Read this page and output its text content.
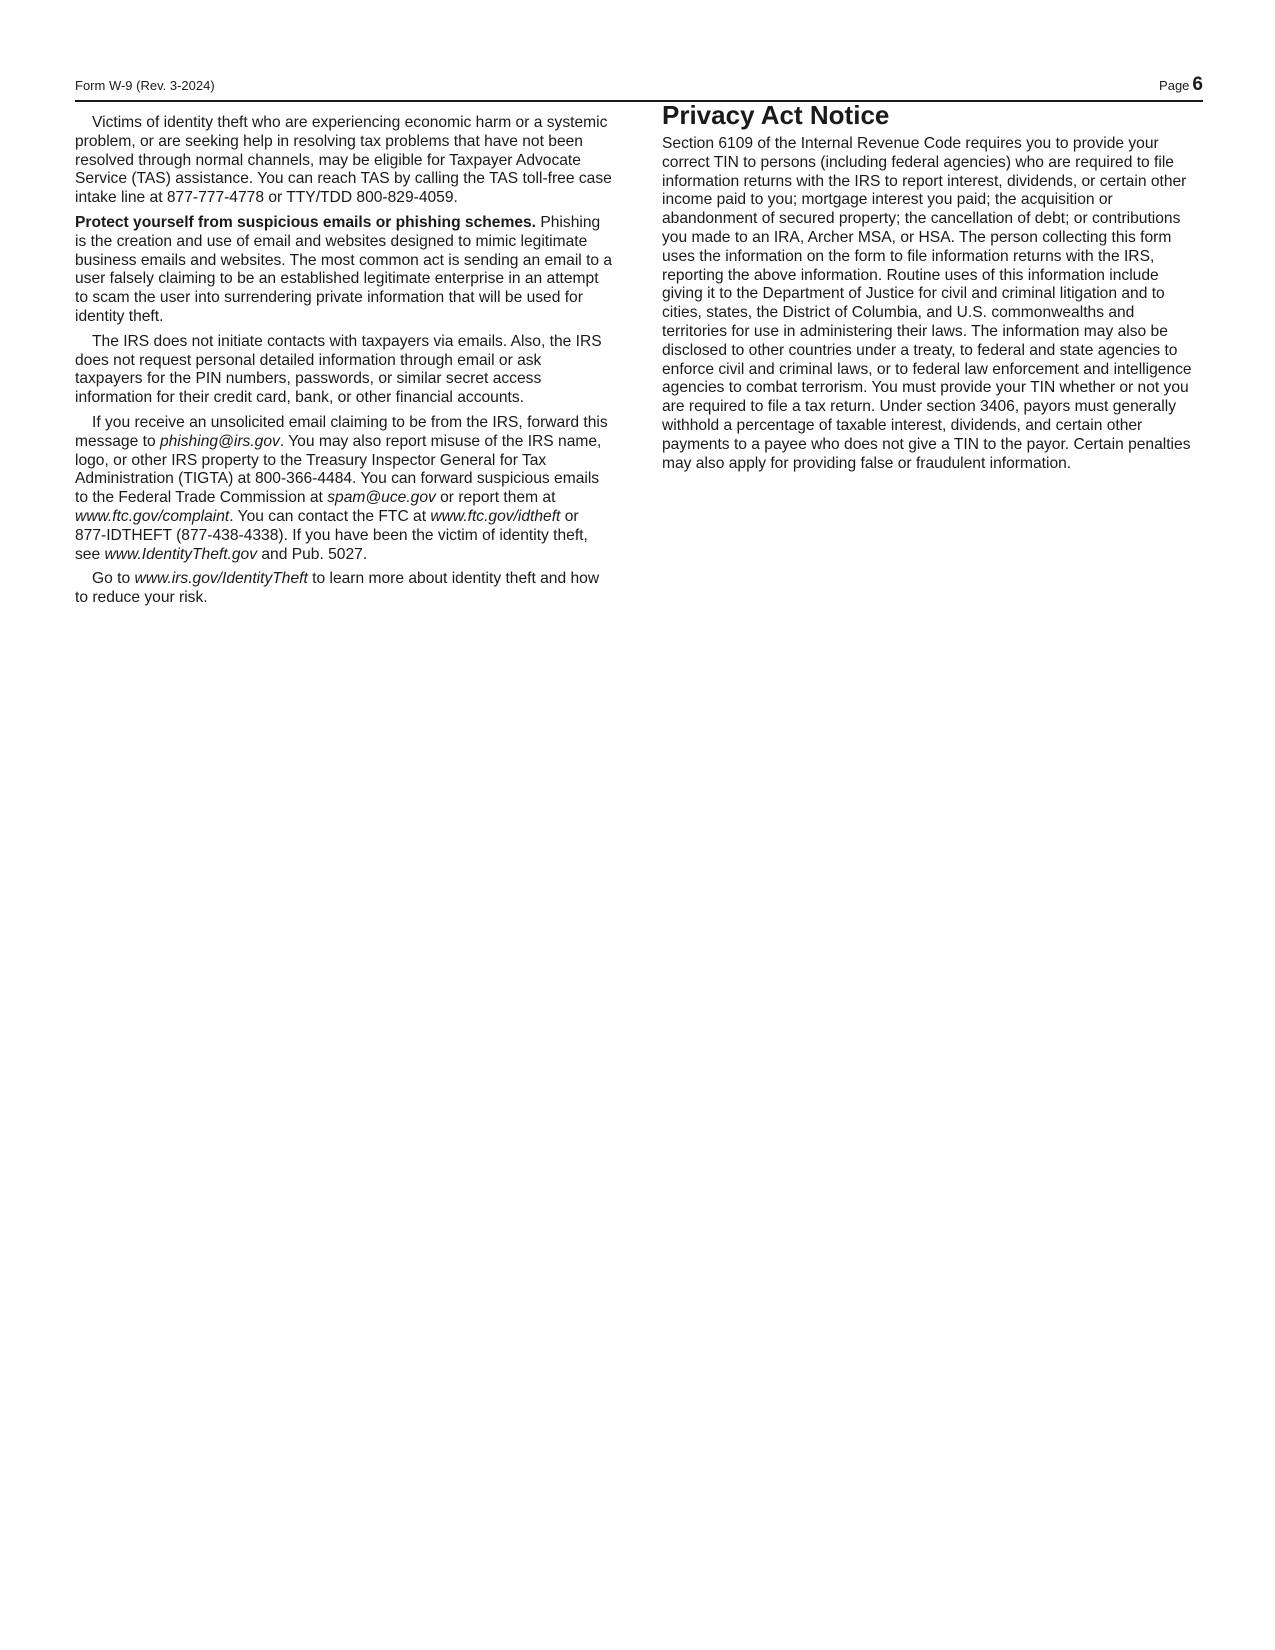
Form W-9 (Rev. 3-2024)	Page 6

Victims of identity theft who are experiencing economic harm or a systemic problem, or are seeking help in resolving tax problems that have not been resolved through normal channels, may be eligible for Taxpayer Advocate Service (TAS) assistance. You can reach TAS by calling the TAS toll-free case intake line at 877-777-4778 or TTY/TDD 800-829-4059.

Protect yourself from suspicious emails or phishing schemes. Phishing is the creation and use of email and websites designed to mimic legitimate business emails and websites. The most common act is sending an email to a user falsely claiming to be an established legitimate enterprise in an attempt to scam the user into surrendering private information that will be used for identity theft.

The IRS does not initiate contacts with taxpayers via emails. Also, the IRS does not request personal detailed information through email or ask taxpayers for the PIN numbers, passwords, or similar secret access information for their credit card, bank, or other financial accounts.

If you receive an unsolicited email claiming to be from the IRS, forward this message to phishing@irs.gov. You may also report misuse of the IRS name, logo, or other IRS property to the Treasury Inspector General for Tax Administration (TIGTA) at 800-366-4484. You can forward suspicious emails to the Federal Trade Commission at spam@uce.gov or report them at www.ftc.gov/complaint. You can contact the FTC at www.ftc.gov/idtheft or 877-IDTHEFT (877-438-4338). If you have been the victim of identity theft, see www.IdentityTheft.gov and Pub. 5027.

Go to www.irs.gov/IdentityTheft to learn more about identity theft and how to reduce your risk.

Privacy Act Notice

Section 6109 of the Internal Revenue Code requires you to provide your correct TIN to persons (including federal agencies) who are required to file information returns with the IRS to report interest, dividends, or certain other income paid to you; mortgage interest you paid; the acquisition or abandonment of secured property; the cancellation of debt; or contributions you made to an IRA, Archer MSA, or HSA. The person collecting this form uses the information on the form to file information returns with the IRS, reporting the above information. Routine uses of this information include giving it to the Department of Justice for civil and criminal litigation and to cities, states, the District of Columbia, and U.S. commonwealths and territories for use in administering their laws. The information may also be disclosed to other countries under a treaty, to federal and state agencies to enforce civil and criminal laws, or to federal law enforcement and intelligence agencies to combat terrorism. You must provide your TIN whether or not you are required to file a tax return. Under section 3406, payors must generally withhold a percentage of taxable interest, dividends, and certain other payments to a payee who does not give a TIN to the payor. Certain penalties may also apply for providing false or fraudulent information.
